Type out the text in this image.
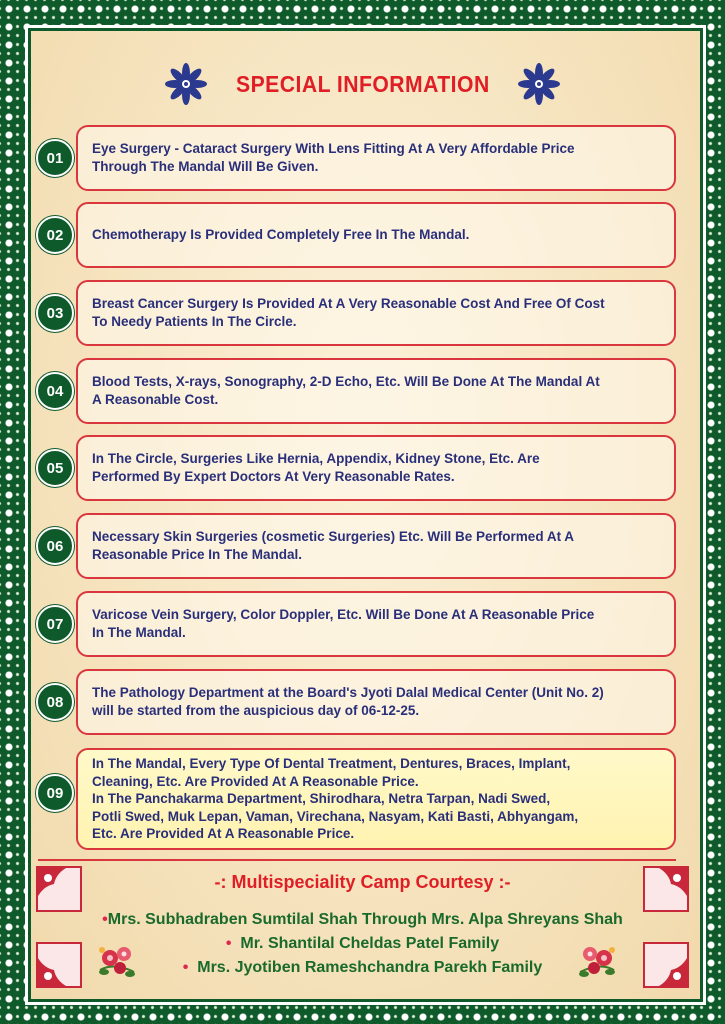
SPECIAL INFORMATION
01

Eye Surgery - Cataract Surgery With Lens Fitting At A Very Affordable Price
Through The Mandal Will Be Given.

02	Chemotherapy Is Provided Completely Free In The Mandal.

03

Breast Cancer Surgery Is Provided At A Very Reasonable Cost And Free Of Cost
To Needy Patients In The Circle.

04

Blood Tests, X-rays, Sonography, 2-D Echo, Etc. Will Be Done At The Mandal At
A Reasonable Cost.

05

In The Circle, Surgeries Like Hernia, Appendix, Kidney Stone, Etc. Are
Performed By Expert Doctors At Very Reasonable Rates.

06

Necessary Skin Surgeries (cosmetic Surgeries) Etc. Will Be Performed At A
Reasonable Price In The Mandal.

07

Varicose Vein Surgery, Color Doppler, Etc. Will Be Done At A Reasonable Price
In The Mandal.

08

The Pathology Department at the Board's Jyoti Dalal Medical Center (Unit No. 2)
will be started from the auspicious day of 06-12-25.

09

In The Mandal, Every Type Of Dental Treatment, Dentures, Braces, Implant,
Cleaning, Etc. Are Provided At A Reasonable Price.
In The Panchakarma Department, Shirodhara, Netra Tarpan, Nadi Swed,
Potli Swed, Muk Lepan, Vaman, Virechana, Nasyam, Kati Basti, Abhyangam,
Etc. Are Provided At A Reasonable Price.

-: Multispeciality Camp Courtesy :-
•Mrs. Subhadraben Sumtilal Shah Through Mrs. Alpa Shreyans Shah
• Mr. Shantilal Cheldas Patel Family
• Mrs. Jyotiben Rameshchandra Parekh Family
